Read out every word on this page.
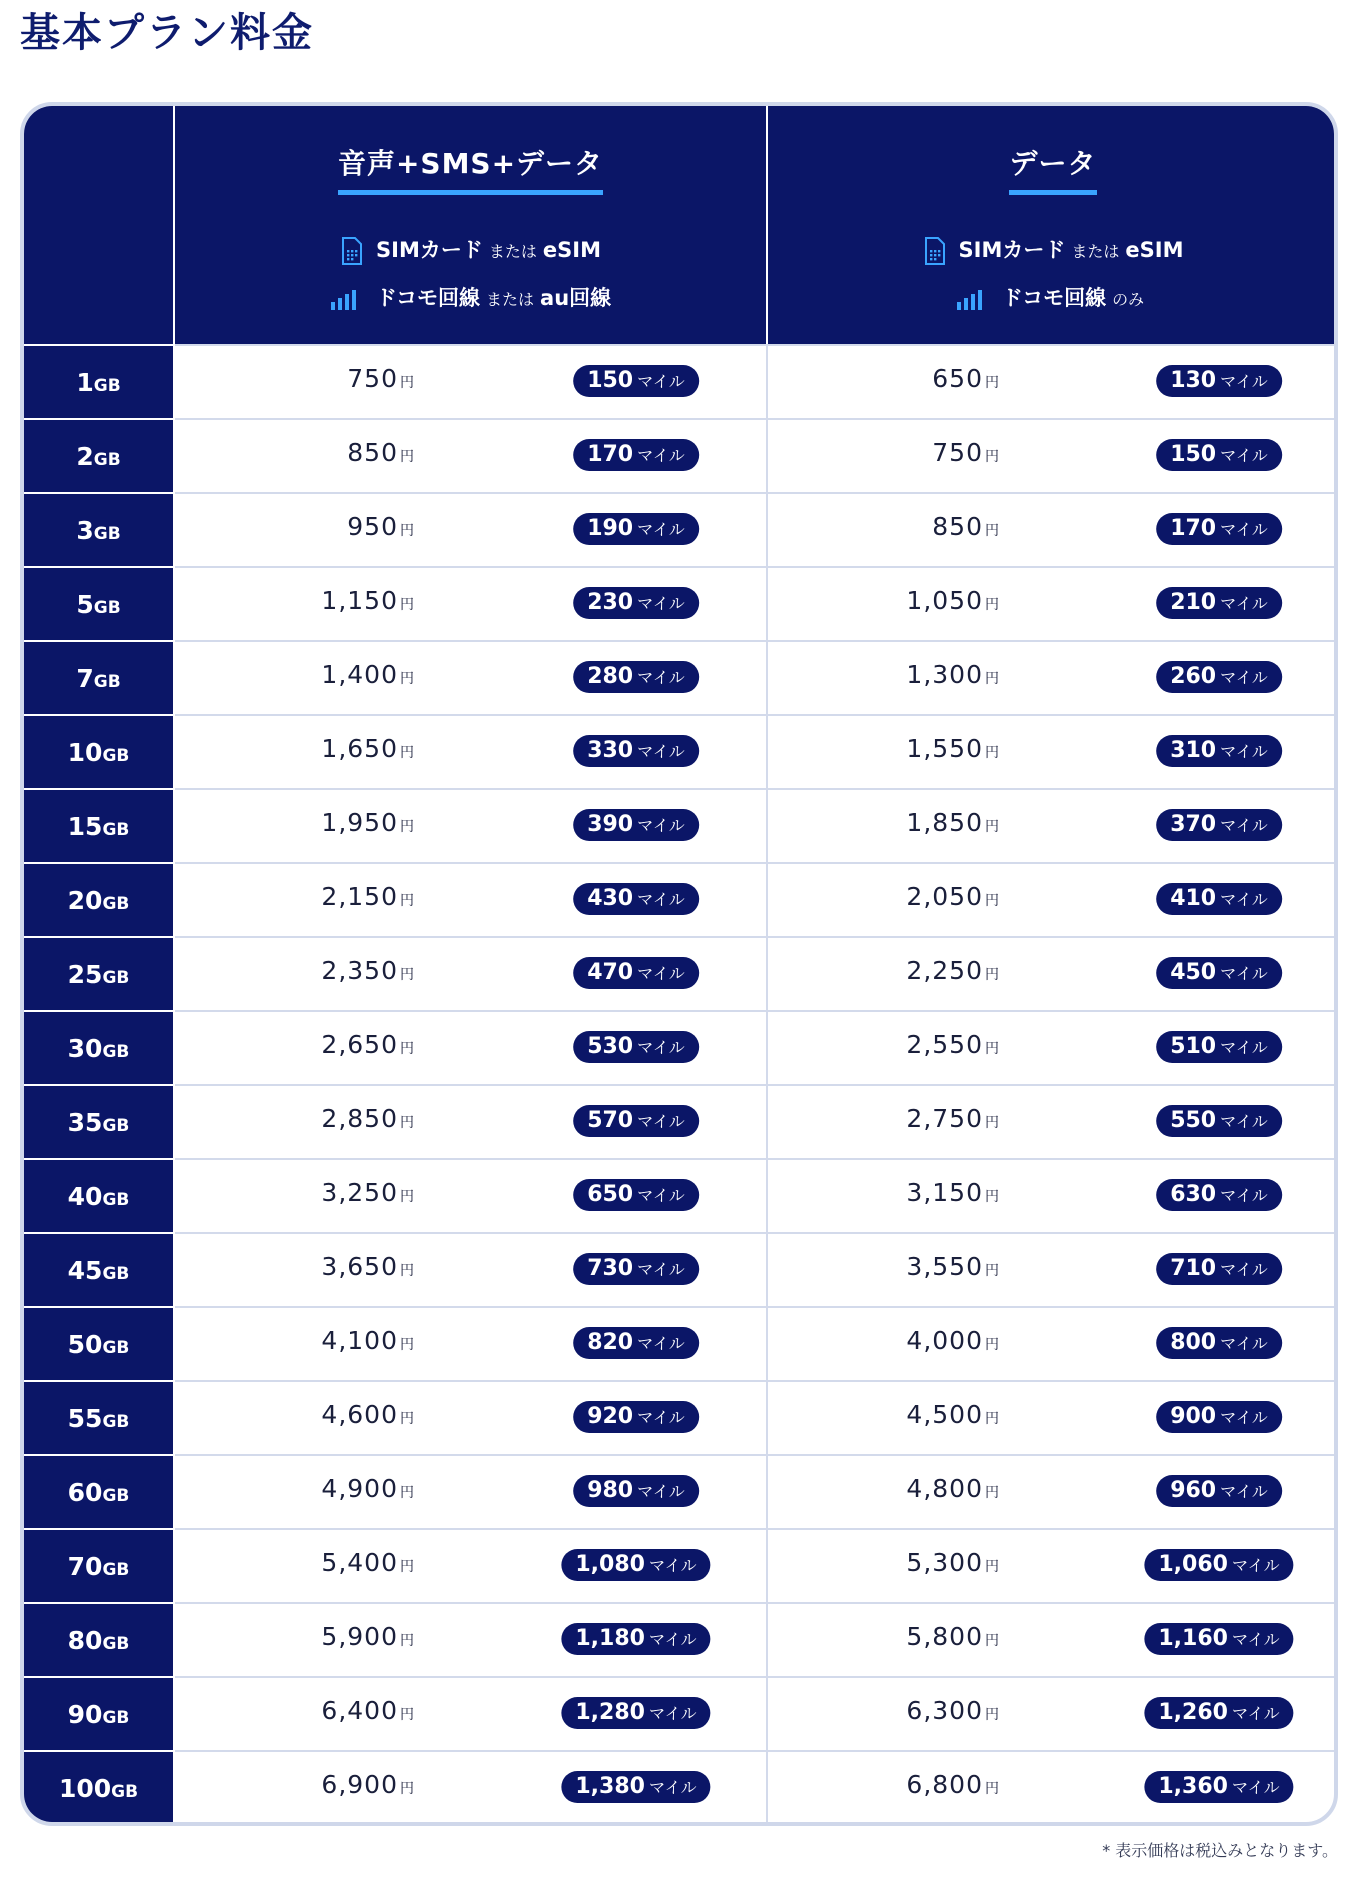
基本プラン料金
音声+SMS+データ
SIMカード または eSIM
ドコモ回線 または au回線
データ
SIMカード または eSIM
ドコモ回線 のみ
1GB	750 円	150 マイル	650 円	130 マイル
2GB	850 円	170 マイル	750 円	150 マイル
3GB	950 円	190 マイル	850 円	170 マイル
5GB	1,150 円	230 マイル	1,050 円	210 マイル
7GB	1,400 円	280 マイル	1,300 円	260 マイル
10GB	1,650 円	330 マイル	1,550 円	310 マイル
15GB	1,950 円	390 マイル	1,850 円	370 マイル
20GB	2,150 円	430 マイル	2,050 円	410 マイル
25GB	2,350 円	470 マイル	2,250 円	450 マイル
30GB	2,650 円	530 マイル	2,550 円	510 マイル
35GB	2,850 円	570 マイル	2,750 円	550 マイル
40GB	3,250 円	650 マイル	3,150 円	630 マイル
45GB	3,650 円	730 マイル	3,550 円	710 マイル
50GB	4,100 円	820 マイル	4,000 円	800 マイル
55GB	4,600 円	920 マイル	4,500 円	900 マイル
60GB	4,900 円	980 マイル	4,800 円	960 マイル
70GB	5,400 円	1,080 マイル	5,300 円	1,060 マイル
80GB	5,900 円	1,180 マイル	5,800 円	1,160 マイル
90GB	6,400 円	1,280 マイル	6,300 円	1,260 マイル
100GB	6,900 円	1,380 マイル	6,800 円	1,360 マイル
* 表示価格は税込みとなります。
